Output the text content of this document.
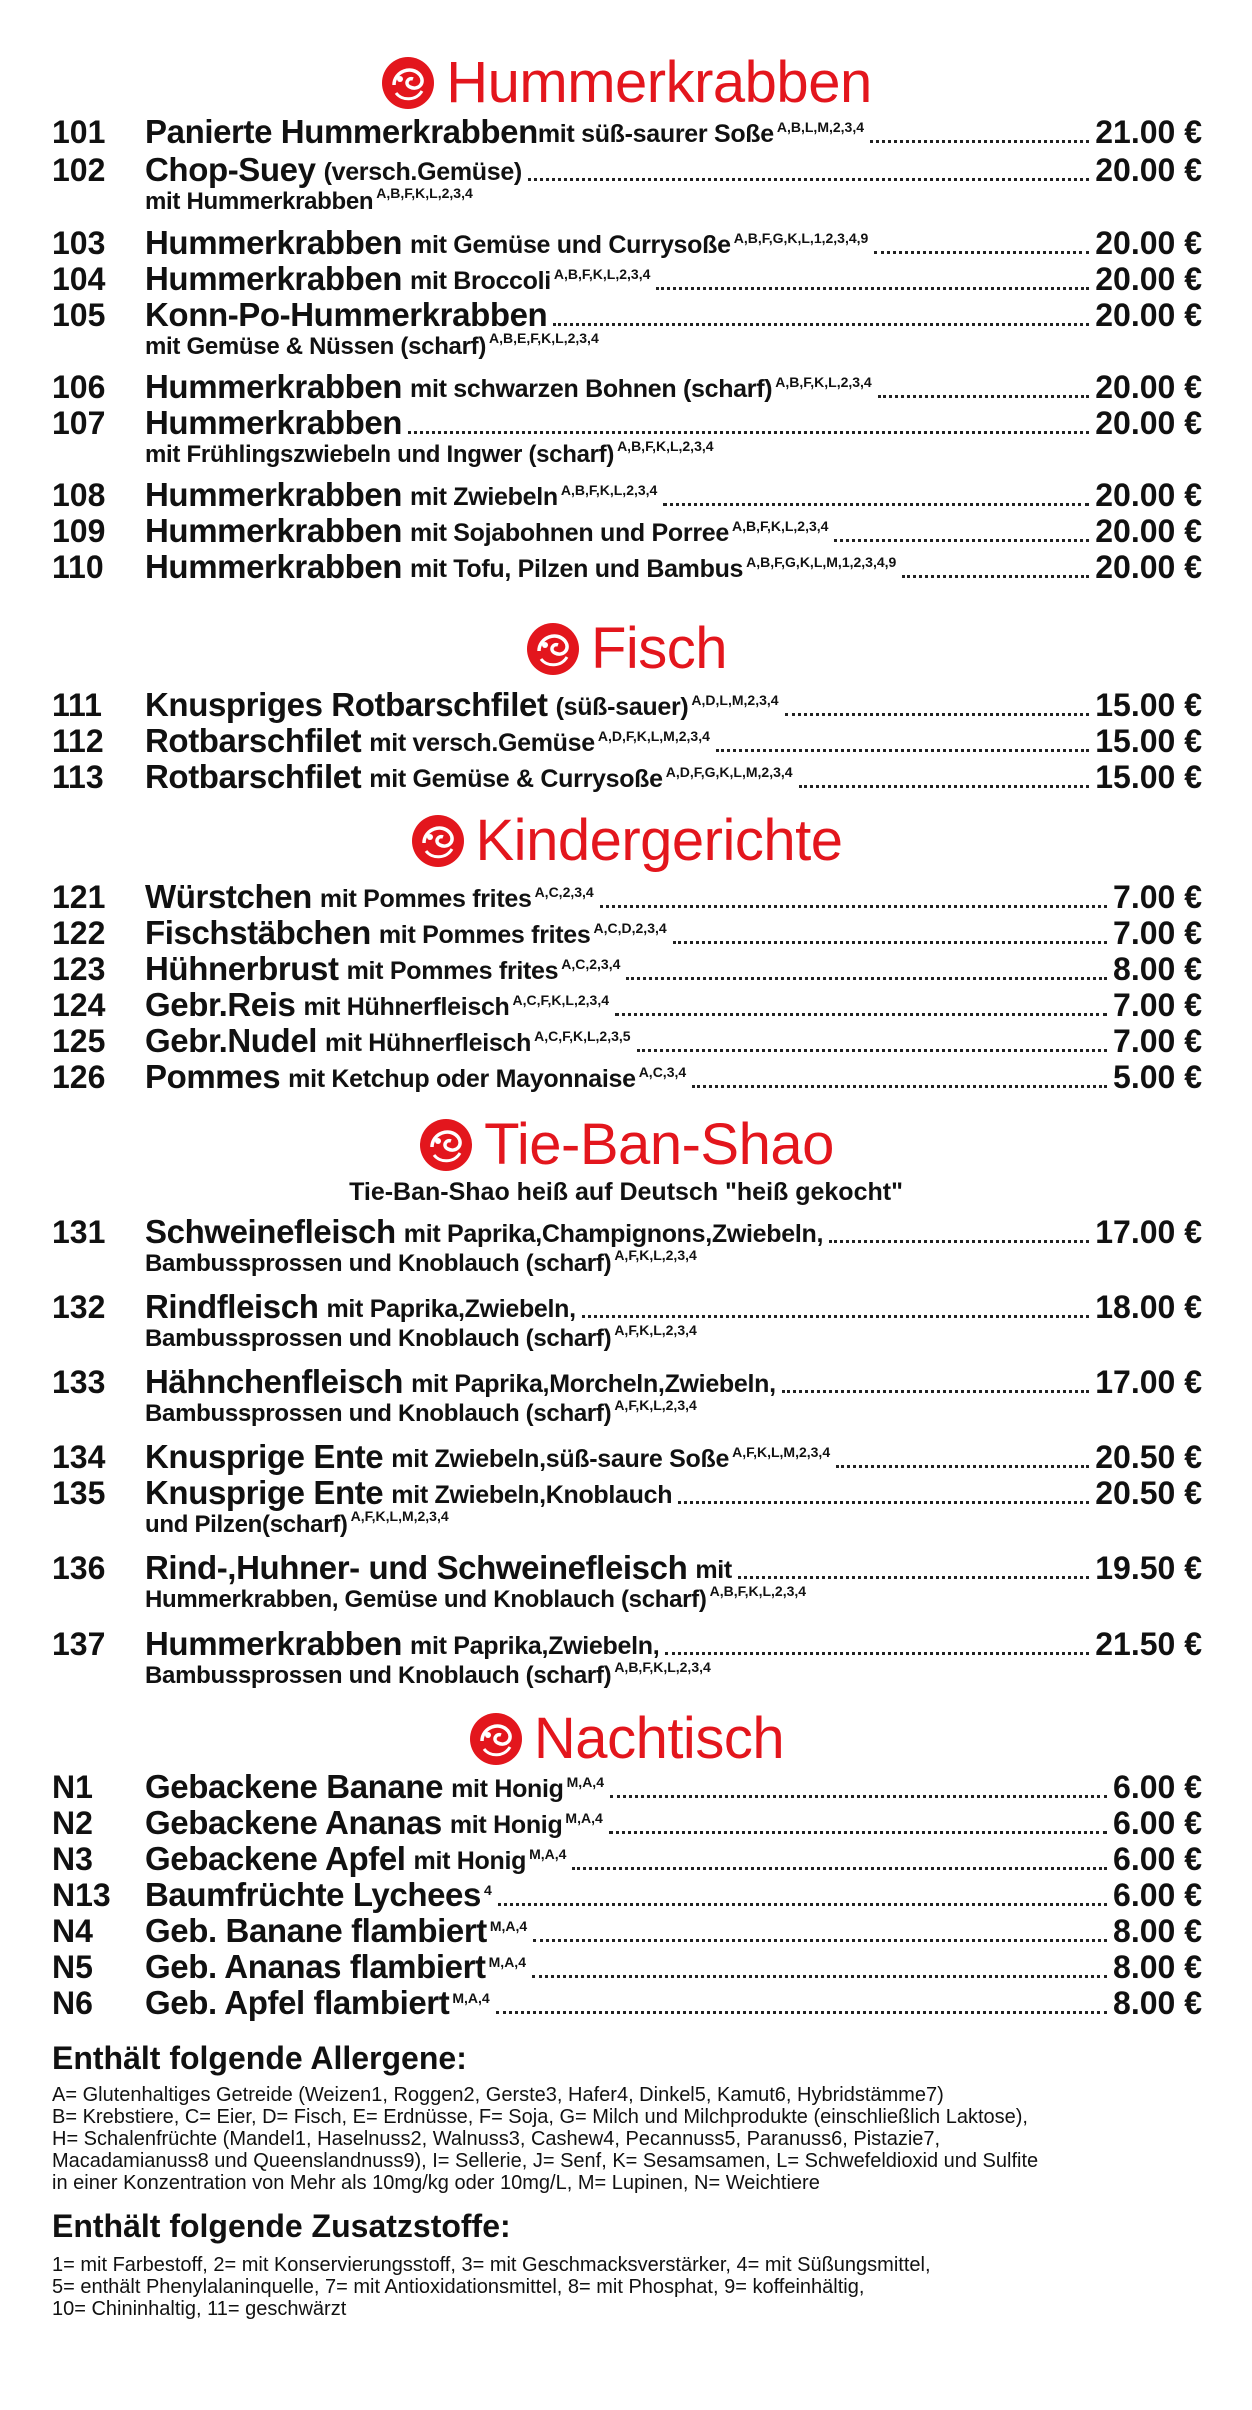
Hummerkrabben
101	Panierte Hummerkrabben mit süß-saurer Soße A,B,L,M,2,3,4	21.00 €
102	Chop-Suey (versch.Gemüse)	20.00 €
mit Hummerkrabben A,B,F,K,L,2,3,4
103	Hummerkrabben mit Gemüse und Currysoße A,B,F,G,K,L,1,2,3,4,9	20.00 €
104	Hummerkrabben mit Broccoli A,B,F,K,L,2,3,4	20.00 €
105	Konn-Po-Hummerkrabben	20.00 €
mit Gemüse & Nüssen (scharf) A,B,E,F,K,L,2,3,4
106	Hummerkrabben mit schwarzen Bohnen (scharf) A,B,F,K,L,2,3,4	20.00 €
107	Hummerkrabben	20.00 €
mit Frühlingszwiebeln und Ingwer (scharf) A,B,F,K,L,2,3,4
108	Hummerkrabben mit Zwiebeln A,B,F,K,L,2,3,4	20.00 €
109	Hummerkrabben mit Sojabohnen und Porree A,B,F,K,L,2,3,4	20.00 €
110	Hummerkrabben mit Tofu, Pilzen und Bambus A,B,F,G,K,L,M,1,2,3,4,9	20.00 €
Fisch
111	Knuspriges Rotbarschfilet (süß-sauer) A,D,L,M,2,3,4	15.00 €
112	Rotbarschfilet mit versch.Gemüse A,D,F,K,L,M,2,3,4	15.00 €
113	Rotbarschfilet mit Gemüse & Currysoße A,D,F,G,K,L,M,2,3,4	15.00 €
Kindergerichte
121	Würstchen mit Pommes frites A,C,2,3,4	7.00 €
122	Fischstäbchen mit Pommes frites A,C,D,2,3,4	7.00 €
123	Hühnerbrust mit Pommes frites A,C,2,3,4	8.00 €
124	Gebr.Reis mit Hühnerfleisch A,C,F,K,L,2,3,4	7.00 €
125	Gebr.Nudel mit Hühnerfleisch A,C,F,K,L,2,3,5	7.00 €
126	Pommes mit Ketchup oder Mayonnaise A,C,3,4	5.00 €
Tie-Ban-Shao
Tie-Ban-Shao heiß auf Deutsch "heiß gekocht"
131	Schweinefleisch mit Paprika,Champignons,Zwiebeln,	17.00 €
Bambussprossen und Knoblauch (scharf) A,F,K,L,2,3,4
132	Rindfleisch mit Paprika,Zwiebeln,	18.00 €
Bambussprossen und Knoblauch (scharf) A,F,K,L,2,3,4
133	Hähnchenfleisch mit Paprika,Morcheln,Zwiebeln,	17.00 €
Bambussprossen und Knoblauch (scharf) A,F,K,L,2,3,4
134	Knusprige Ente mit Zwiebeln,süß-saure Soße A,F,K,L,M,2,3,4	20.50 €
135	Knusprige Ente mit Zwiebeln,Knoblauch	20.50 €
und Pilzen(scharf) A,F,K,L,M,2,3,4
136	Rind-,Huhner- und Schweinefleisch mit	19.50 €
Hummerkrabben, Gemüse und Knoblauch (scharf) A,B,F,K,L,2,3,4
137	Hummerkrabben mit Paprika,Zwiebeln,	21.50 €
Bambussprossen und Knoblauch (scharf) A,B,F,K,L,2,3,4
Nachtisch
N1	Gebackene Banane mit Honig M,A,4	6.00 €
N2	Gebackene Ananas mit Honig M,A,4	6.00 €
N3	Gebackene Apfel mit Honig M,A,4	6.00 €
N13	Baumfrüchte Lychees 4	6.00 €
N4	Geb. Banane flambiert M,A,4	8.00 €
N5	Geb. Ananas flambiert M,A,4	8.00 €
N6	Geb. Apfel flambiert M,A,4	8.00 €
Enthält folgende Allergene:
A= Glutenhaltiges Getreide (Weizen1, Roggen2, Gerste3, Hafer4, Dinkel5, Kamut6, Hybridstämme7)
B= Krebstiere, C= Eier, D= Fisch, E= Erdnüsse, F= Soja, G= Milch und Milchprodukte (einschließlich Laktose),
H= Schalenfrüchte (Mandel1, Haselnuss2, Walnuss3, Cashew4, Pecannuss5, Paranuss6, Pistazie7,
Macadamianuss8 und Queenslandnuss9), I= Sellerie, J= Senf, K= Sesamsamen, L= Schwefeldioxid und Sulfite
in einer Konzentration von Mehr als 10mg/kg oder 10mg/L, M= Lupinen, N= Weichtiere
Enthält folgende Zusatzstoffe:
1= mit Farbestoff, 2= mit Konservierungsstoff, 3= mit Geschmacksverstärker, 4= mit Süßungsmittel,
5= enthält Phenylalaninquelle, 7= mit Antioxidationsmittel, 8= mit Phosphat, 9= koffeinhältig,
10= Chininhaltig, 11= geschwärzt
